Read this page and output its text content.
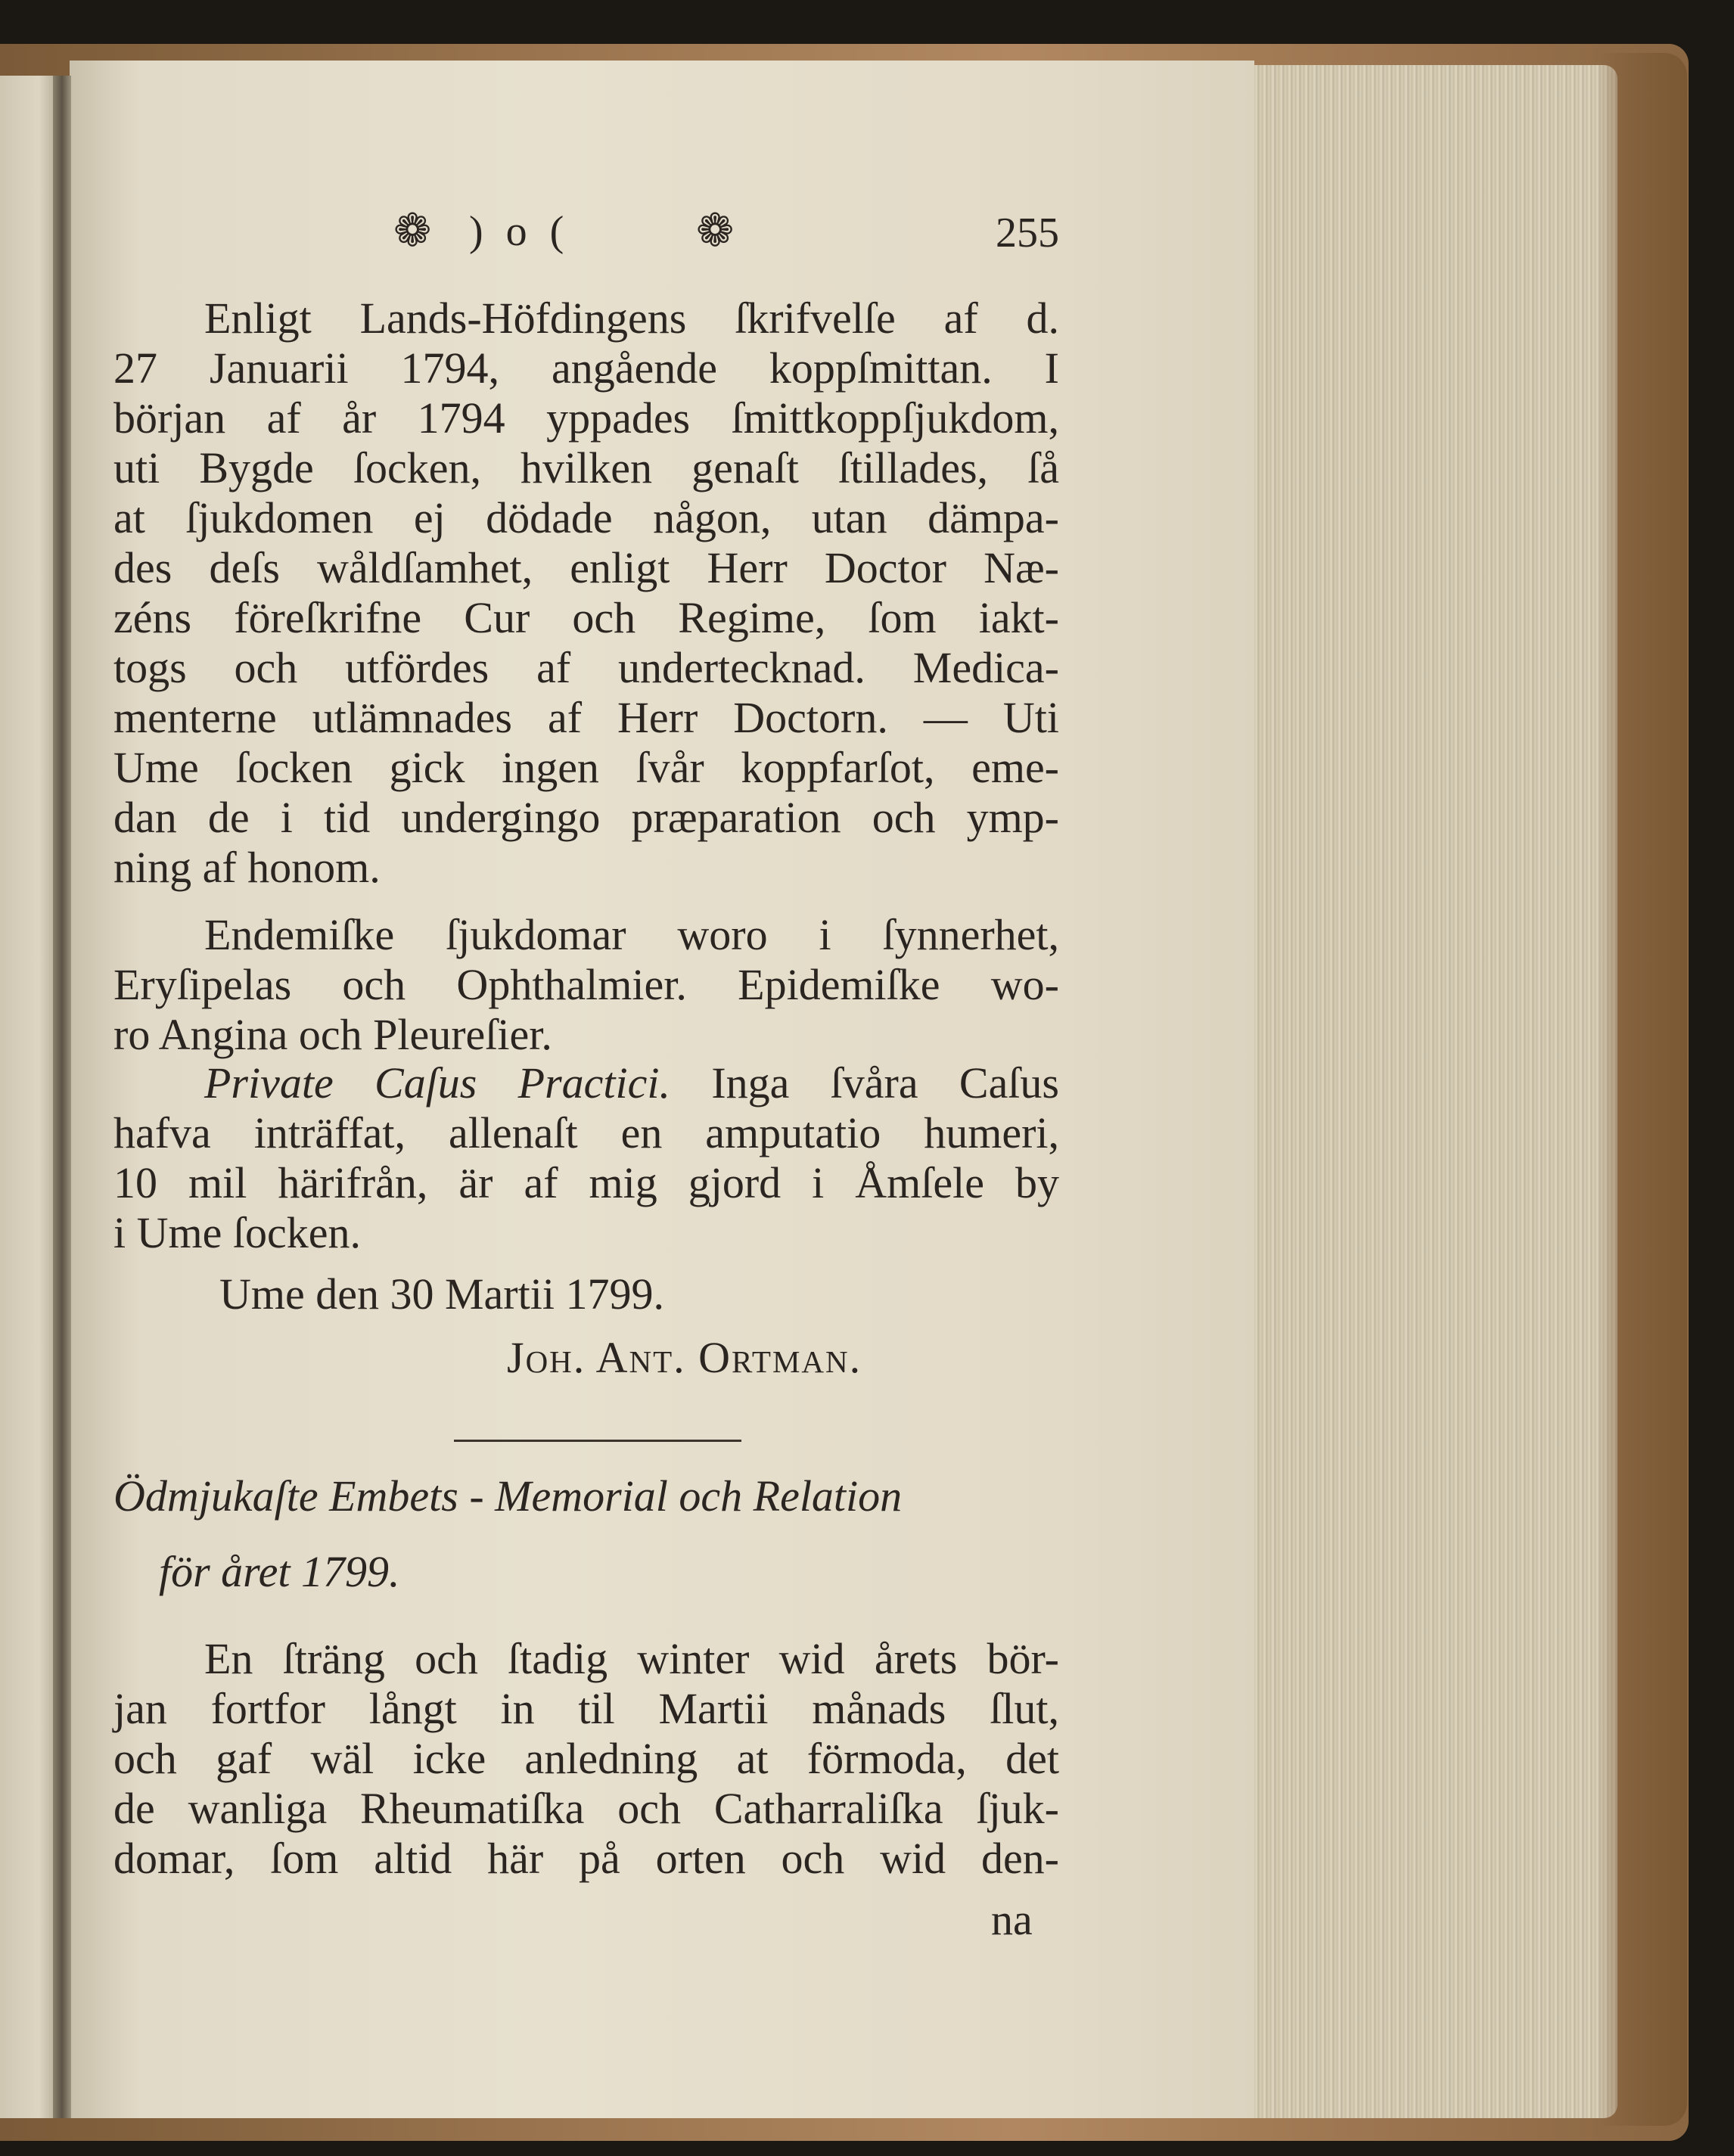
❁ )o( ❁	255
Enligt Lands-Höfdingens ſkrifvelſe af d.
27 Januarii 1794, angående koppſmittan. I
början af år 1794 yppades ſmittkoppſjukdom,
uti Bygde ſocken, hvilken genaſt ſtillades, ſå
at ſjukdomen ej dödade någon, utan dämpa-
des deſs wåldſamhet, enligt Herr Doctor Næ-
zéns föreſkrifne Cur och Regime, ſom iakt-
togs och utfördes af undertecknad. Medica-
menterne utlämnades af Herr Doctorn. — Uti
Ume ſocken gick ingen ſvår koppfarſot, eme-
dan de i tid undergingo præparation och ymp-
ning af honom.
Endemiſke ſjukdomar woro i ſynnerhet,
Eryſipelas och Ophthalmier. Epidemiſke wo-
ro Angina och Pleureſier.
Private Caſus Practici. Inga ſvåra Caſus
hafva inträffat, allenaſt en amputatio humeri,
10 mil härifrån, är af mig gjord i Åmſele by
i Ume ſocken.
Ume den 30 Martii 1799.
Joh. Ant. Ortman.
Ödmjukaſte Embets - Memorial och Relation
för året 1799.
En ſträng och ſtadig winter wid årets bör-
jan fortfor långt in til Martii månads ſlut,
och gaf wäl icke anledning at förmoda, det
de wanliga Rheumatiſka och Catharraliſka ſjuk-
domar, ſom altid här på orten och wid den-
na
